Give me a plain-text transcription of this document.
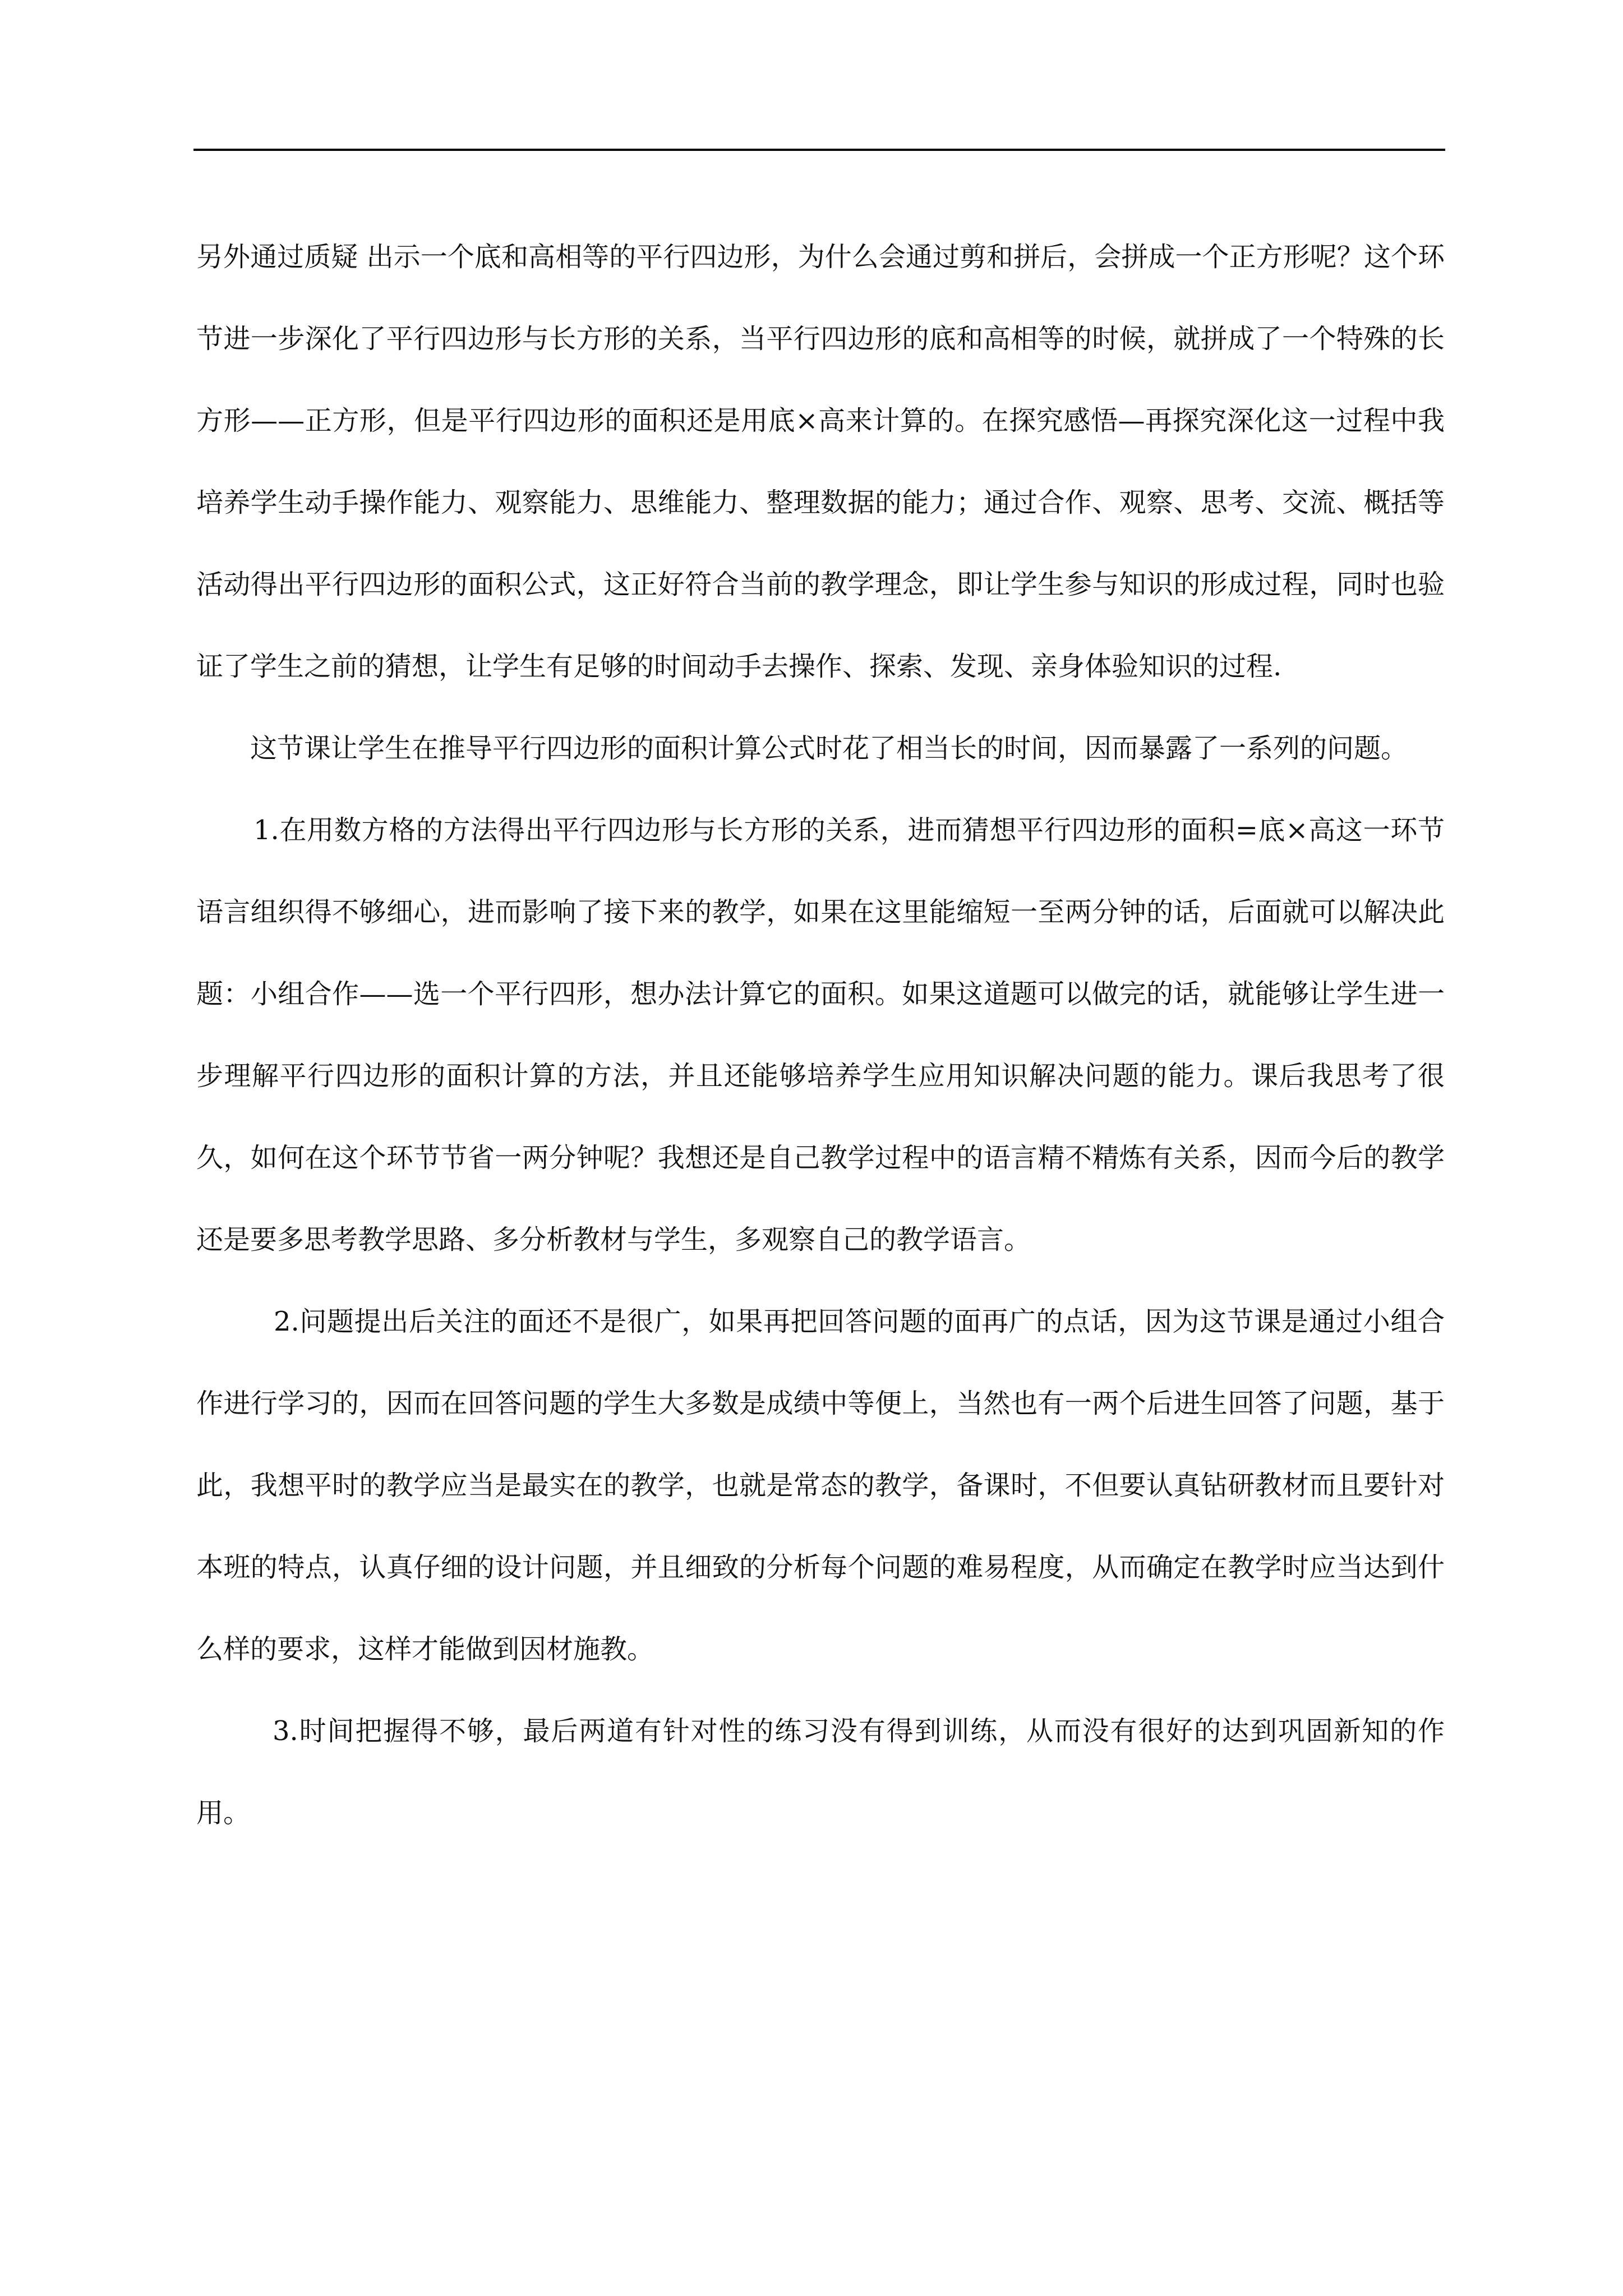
另外通过质疑 出示一个底和高相等的平行四边形，为什么会通过剪和拼后，会拼成一个正方形呢？这个环节进一步深化了平行四边形与长方形的关系，当平行四边形的底和高相等的时候，就拼成了一个特殊的长方形——正方形，但是平行四边形的面积还是用底×高来计算的。在探究感悟—再探究深化这一过程中我培养学生动手操作能力、观察能力、思维能力、整理数据的能力；通过合作、观察、思考、交流、概括等活动得出平行四边形的面积公式，这正好符合当前的教学理念，即让学生参与知识的形成过程，同时也验证了学生之前的猜想，让学生有足够的时间动手去操作、探索、发现、亲身体验知识的过程.

这节课让学生在推导平行四边形的面积计算公式时花了相当长的时间，因而暴露了一系列的问题。

1.在用数方格的方法得出平行四边形与长方形的关系，进而猜想平行四边形的面积=底×高这一环节语言组织得不够细心，进而影响了接下来的教学，如果在这里能缩短一至两分钟的话，后面就可以解决此题：小组合作——选一个平行四形，想办法计算它的面积。如果这道题可以做完的话，就能够让学生进一步理解平行四边形的面积计算的方法，并且还能够培养学生应用知识解决问题的能力。课后我思考了很久，如何在这个环节节省一两分钟呢？我想还是自己教学过程中的语言精不精炼有关系，因而今后的教学还是要多思考教学思路、多分析教材与学生，多观察自己的教学语言。

2.问题提出后关注的面还不是很广，如果再把回答问题的面再广的点话，因为这节课是通过小组合作进行学习的，因而在回答问题的学生大多数是成绩中等便上，当然也有一两个后进生回答了问题，基于此，我想平时的教学应当是最实在的教学，也就是常态的教学，备课时，不但要认真钻研教材而且要针对本班的特点，认真仔细的设计问题，并且细致的分析每个问题的难易程度，从而确定在教学时应当达到什么样的要求，这样才能做到因材施教。

3.时间把握得不够，最后两道有针对性的练习没有得到训练，从而没有很好的达到巩固新知的作用。
